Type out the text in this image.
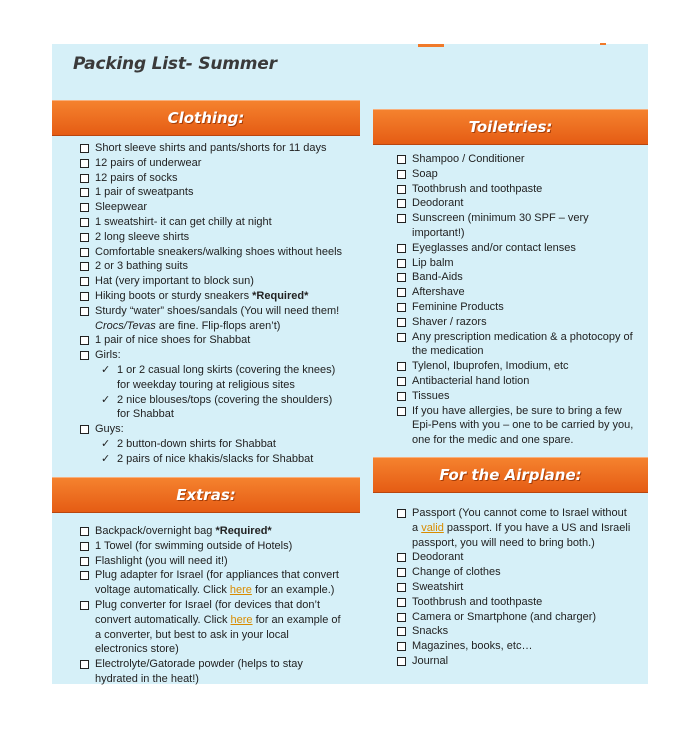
Packing List- Summer
Clothing:
Short sleeve shirts and pants/shorts for 11 days
12 pairs of underwear
12 pairs of socks
1 pair of sweatpants
Sleepwear
1 sweatshirt- it can get chilly at night
2 long sleeve shirts
Comfortable sneakers/walking shoes without heels
2 or 3 bathing suits
Hat (very important to block sun)
Hiking boots or sturdy sneakers *Required*
Sturdy “water” shoes/sandals (You will need them!
Crocs/Tevas are fine. Flip-flops aren’t)
1 pair of nice shoes for Shabbat
Girls:
✓ 1 or 2 casual long skirts (covering the knees)
for weekday touring at religious sites
✓ 2 nice blouses/tops (covering the shoulders)
for Shabbat
Guys:
✓ 2 button-down shirts for Shabbat
✓ 2 pairs of nice khakis/slacks for Shabbat
Extras:
Backpack/overnight bag *Required*
1 Towel (for swimming outside of Hotels)
Flashlight (you will need it!)
Plug adapter for Israel (for appliances that convert
voltage automatically. Click here for an example.)
Plug converter for Israel (for devices that don’t
convert automatically. Click here for an example of
a converter, but best to ask in your local
electronics store)
Electrolyte/Gatorade powder (helps to stay
hydrated in the heat!)
Toiletries:
Shampoo / Conditioner
Soap
Toothbrush and toothpaste
Deodorant
Sunscreen (minimum 30 SPF – very
important!)
Eyeglasses and/or contact lenses
Lip balm
Band-Aids
Aftershave
Feminine Products
Shaver / razors
Any prescription medication & a photocopy of
the medication
Tylenol, Ibuprofen, Imodium, etc
Antibacterial hand lotion
Tissues
If you have allergies, be sure to bring a few
Epi-Pens with you – one to be carried by you,
one for the medic and one spare.
For the Airplane:
Passport (You cannot come to Israel without
a valid passport. If you have a US and Israeli
passport, you will need to bring both.)
Deodorant
Change of clothes
Sweatshirt
Toothbrush and toothpaste
Camera or Smartphone (and charger)
Snacks
Magazines, books, etc…
Journal
